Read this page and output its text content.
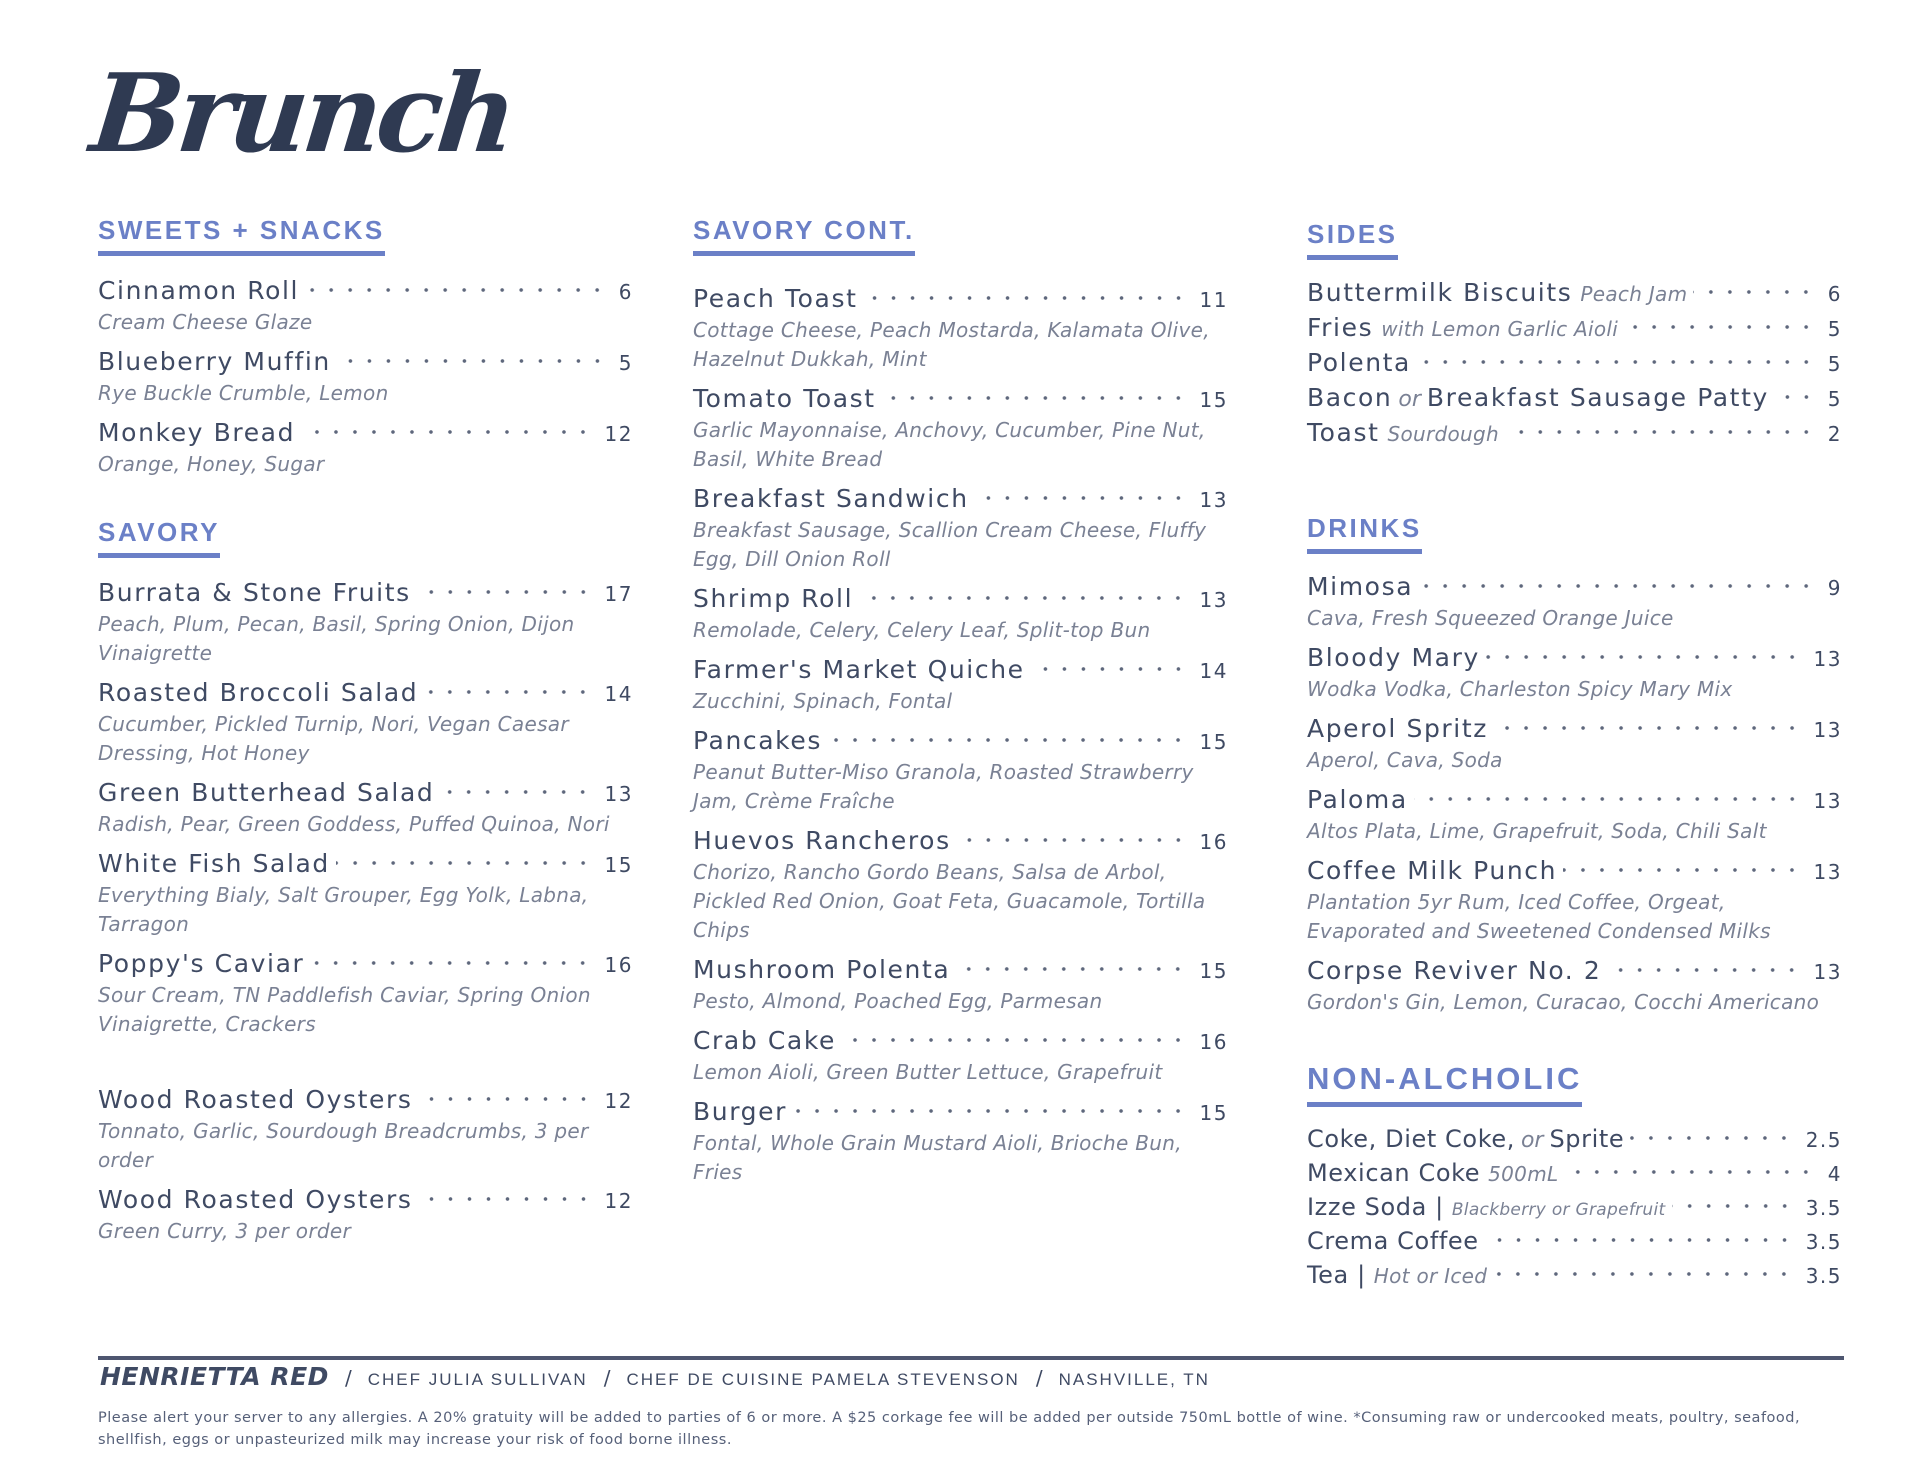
Brunch
SWEETS + SNACKS
Cinnamon Roll	6
Cream Cheese Glaze
Blueberry Muffin	5
Rye Buckle Crumble, Lemon
Monkey Bread	12
Orange, Honey, Sugar
SAVORY
Burrata & Stone Fruits	17
Peach, Plum, Pecan, Basil, Spring Onion, Dijon Vinaigrette
Roasted Broccoli Salad	14
Cucumber, Pickled Turnip, Nori, Vegan Caesar Dressing, Hot Honey
Green Butterhead Salad	13
Radish, Pear, Green Goddess, Puffed Quinoa, Nori
White Fish Salad	15
Everything Bialy, Salt Grouper, Egg Yolk, Labna, Tarragon
Poppy's Caviar	16
Sour Cream, TN Paddlefish Caviar, Spring Onion Vinaigrette, Crackers
Wood Roasted Oysters	12
Tonnato, Garlic, Sourdough Breadcrumbs, 3 per order
Wood Roasted Oysters	12
Green Curry, 3 per order
SAVORY CONT.
Peach Toast	11
Cottage Cheese, Peach Mostarda, Kalamata Olive, Hazelnut Dukkah, Mint
Tomato Toast	15
Garlic Mayonnaise, Anchovy, Cucumber, Pine Nut, Basil, White Bread
Breakfast Sandwich	13
Breakfast Sausage, Scallion Cream Cheese, Fluffy Egg, Dill Onion Roll
Shrimp Roll	13
Remolade, Celery, Celery Leaf, Split-top Bun
Farmer's Market Quiche	14
Zucchini, Spinach, Fontal
Pancakes	15
Peanut Butter-Miso Granola, Roasted Strawberry Jam, Crème Fraîche
Huevos Rancheros	16
Chorizo, Rancho Gordo Beans, Salsa de Arbol, Pickled Red Onion, Goat Feta, Guacamole, Tortilla Chips
Mushroom Polenta	15
Pesto, Almond, Poached Egg, Parmesan
Crab Cake	16
Lemon Aioli, Green Butter Lettuce, Grapefruit
Burger	15
Fontal, Whole Grain Mustard Aioli, Brioche Bun, Fries
SIDES
Buttermilk Biscuits Peach Jam	6
Fries with Lemon Garlic Aioli	5
Polenta	5
Bacon or Breakfast Sausage Patty	5
Toast Sourdough	2
DRINKS
Mimosa	9
Cava, Fresh Squeezed Orange Juice
Bloody Mary	13
Wodka Vodka, Charleston Spicy Mary Mix
Aperol Spritz	13
Aperol, Cava, Soda
Paloma	13
Altos Plata, Lime, Grapefruit, Soda, Chili Salt
Coffee Milk Punch	13
Plantation 5yr Rum, Iced Coffee, Orgeat, Evaporated and Sweetened Condensed Milks
Corpse Reviver No. 2	13
Gordon's Gin, Lemon, Curacao, Cocchi Americano
NON-ALCHOLIC
Coke, Diet Coke, or Sprite	2.5
Mexican Coke 500mL	4
Izze Soda | Blackberry or Grapefruit	3.5
Crema Coffee	3.5
Tea | Hot or Iced	3.5
HENRIETTA RED / CHEF JULIA SULLIVAN / CHEF DE CUISINE PAMELA STEVENSON / NASHVILLE, TN
Please alert your server to any allergies. A 20% gratuity will be added to parties of 6 or more. A $25 corkage fee will be added per outside 750mL bottle of wine. *Consuming raw or undercooked meats, poultry, seafood, shellfish, eggs or unpasteurized milk may increase your risk of food borne illness.
